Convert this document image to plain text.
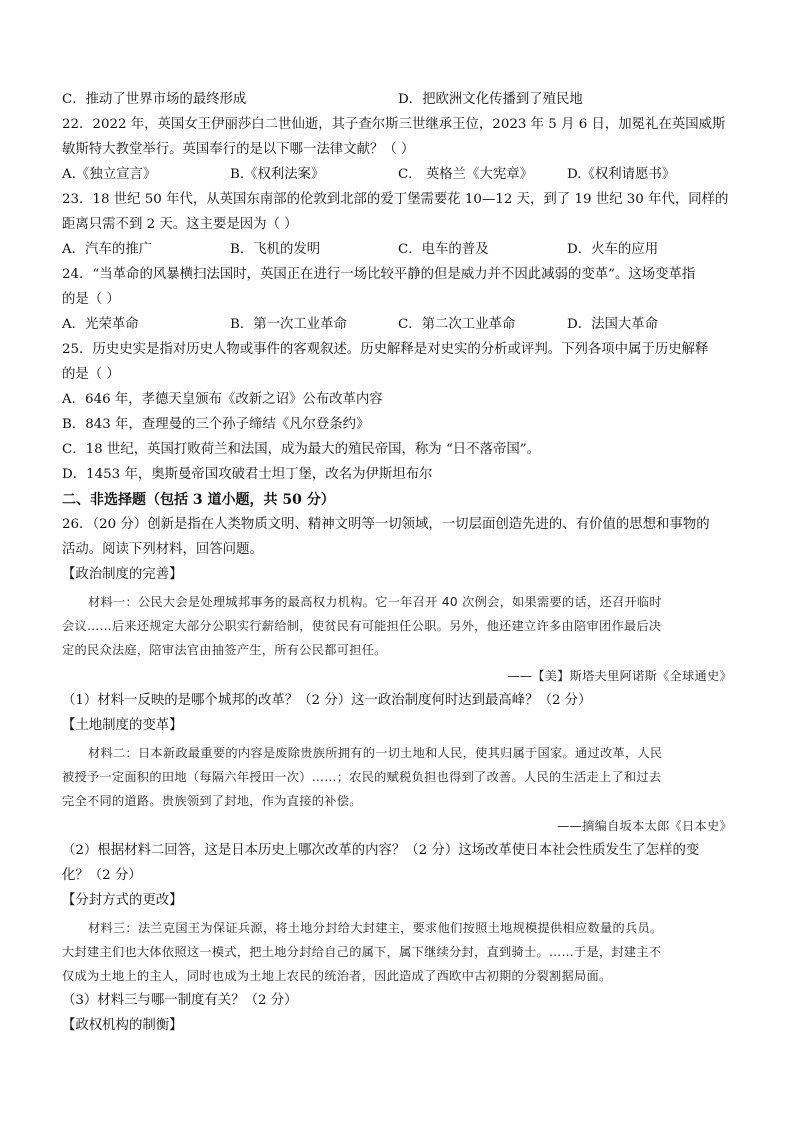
C．推动了世界市场的最终形成	D．把欧洲文化传播到了殖民地
22．2022 年，英国女王伊丽莎白二世仙逝，其子查尔斯三世继承王位，2023 年 5 月 6 日，加冕礼在英国威斯
敏斯特大教堂举行。英国奉行的是以下哪一法律文献？（ ）
A.《独立宣言》	B.《权利法案》	C． 英格兰《大宪章》	D.《权利请愿书》
23．18 世纪 50 年代，从英国东南部的伦敦到北部的爱丁堡需要花 10—12 天，到了 19 世纪 30 年代，同样的
距离只需不到 2 天。这主要是因为（ ）
A．汽车的推广	B．飞机的发明	C．电车的普及	D．火车的应用
24．“当革命的风暴横扫法国时，英国正在进行一场比较平静的但是威力并不因此减弱的变革”。这场变革指
的是（ ）
A．光荣革命	B．第一次工业革命	C．第二次工业革命	D．法国大革命
25．历史史实是指对历史人物或事件的客观叙述。历史解释是对史实的分析或评判。下列各项中属于历史解释
的是（ ）
A．646 年，孝德天皇颁布《改新之诏》公布改革内容
B．843 年，查理曼的三个孙子缔结《凡尔登条约》
C．18 世纪，英国打败荷兰和法国，成为最大的殖民帝国，称为 “日不落帝国”。
D．1453 年，奥斯曼帝国攻破君士坦丁堡，改名为伊斯坦布尔
二、非选择题（包括 3 道小题，共 50 分）
26．（20 分）创新是指在人类物质文明、精神文明等一切领域，一切层面创造先进的、有价值的思想和事物的
活动。阅读下列材料，回答问题。
【政治制度的完善】
材料一：公民大会是处理城邦事务的最高权力机构。它一年召开 40 次例会，如果需要的话，还召开临时
会议……后来还规定大部分公职实行薪给制，使贫民有可能担任公职。另外，他还建立许多由陪审团作最后决
定的民众法庭，陪审法官由抽签产生，所有公民都可担任。
——【美】斯塔夫里阿诺斯《全球通史》
（1）材料一反映的是哪个城邦的改革？（2 分）这一政治制度何时达到最高峰？（2 分）
【土地制度的变革】
材料二：日本新政最重要的内容是废除贵族所拥有的一切土地和人民，使其归属于国家。通过改革，人民
被授予一定面积的田地（每隔六年授田一次）……；农民的赋税负担也得到了改善。人民的生活走上了和过去
完全不同的道路。贵族领到了封地，作为直接的补偿。
——摘编自坂本太郎《日本史》
（2）根据材料二回答，这是日本历史上哪次改革的内容？（2 分）这场改革使日本社会性质发生了怎样的变
化？（2 分）
【分封方式的更改】
材料三：法兰克国王为保证兵源，将土地分封给大封建主，要求他们按照土地规模提供相应数量的兵员。
大封建主们也大体依照这一模式，把土地分封给自己的属下，属下继续分封，直到骑士。……于是，封建主不
仅成为土地上的主人，同时也成为土地上农民的统治者，因此造成了西欧中古初期的分裂割据局面。
（3）材料三与哪一制度有关？（2 分）
【政权机构的制衡】
